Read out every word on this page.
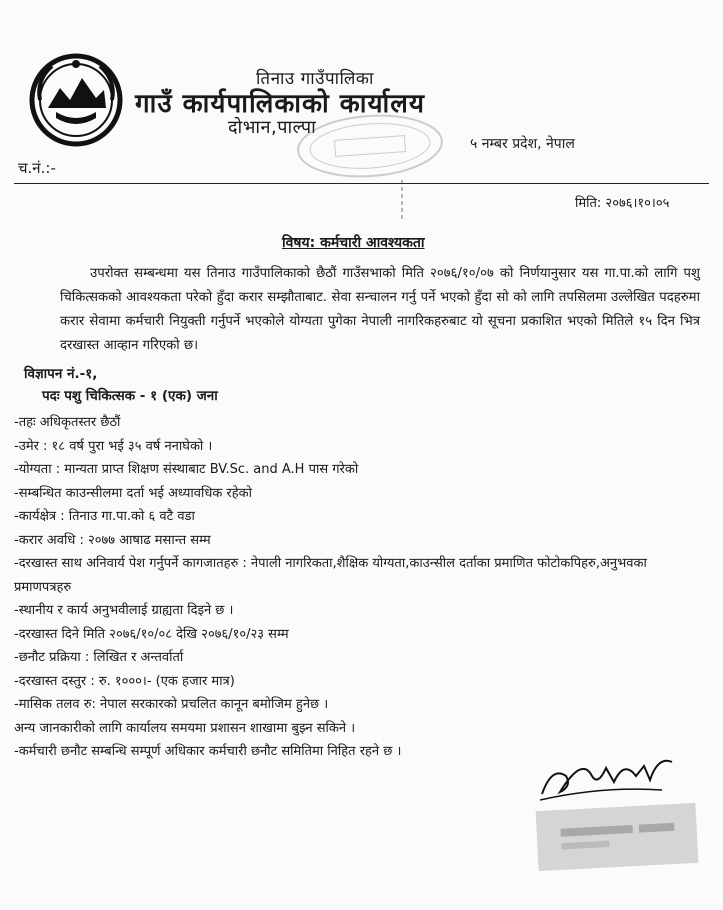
तिनाउ गाउँपालिका
गाउँ कार्यपालिकाको कार्यालय
दोभान,पाल्पा
५ नम्बर प्रदेश, नेपाल
च.नं.:-
मिति: २०७६।१०।०५
विषय: कर्मचारी आवश्यकता

उपरोक्त सम्बन्धमा यस तिनाउ गाउँपालिकाको छैठौं गाउँसभाको मिति २०७६/१०/०७ को निर्णयानुसार यस गा.पा.को लागि पशु चिकित्सकको आवश्यकता परेको हुँदा करार सम्झौताबाट. सेवा सन्चालन गर्नु पर्ने भएको हुँदा सो को लागि तपसिलमा उल्लेखित पदहरुमा करार सेवामा कर्मचारी नियुक्ती गर्नुपर्ने भएकोले योग्यता पुगेका नेपाली नागरिकहरुबाट यो सूचना प्रकाशित भएको मितिले १५ दिन भित्र दरखास्त आव्हान गरिएको छ।

विज्ञापन नं.-१,
पदः पशु चिकित्सक - १ (एक) जना
-तहः अधिकृतस्तर छैठौं
-उमेर : १८ वर्ष पुरा भई ३५ वर्ष ननाघेको ।
-योग्यता : मान्यता प्राप्त शिक्षण संस्थाबाट BV.Sc. and A.H पास गरेको
-सम्बन्धित काउन्सीलमा दर्ता भई अध्यावधिक रहेको
-कार्यक्षेत्र : तिनाउ गा.पा.को ६ वटै वडा
-करार अवधि : २०७७ आषाढ मसान्त सम्म
-दरखास्त साथ अनिवार्य पेश गर्नुपर्ने कागजातहरु : नेपाली नागरिकता,शैक्षिक योग्यता,काउन्सील दर्ताका प्रमाणित फोटोकपिहरु,अनुभवका प्रमाणपत्रहरु
-स्थानीय र कार्य अनुभवीलाई ग्राह्यता दिइने छ ।
-दरखास्त दिने मिति २०७६/१०/०८ देखि २०७६/१०/२३ सम्म
-छनौट प्रक्रिया : लिखित र अन्तर्वार्ता
-दरखास्त दस्तुर : रु. १०००।- (एक हजार मात्र)
-मासिक तलव रु: नेपाल सरकारको प्रचलित कानून बमोजिम हुनेछ ।
अन्य जानकारीको लागि कार्यालय समयमा प्रशासन शाखामा बुझ्न सकिने ।
-कर्मचारी छनौट सम्बन्धि सम्पूर्ण अधिकार कर्मचारी छनौट समितिमा निहित रहने छ ।
